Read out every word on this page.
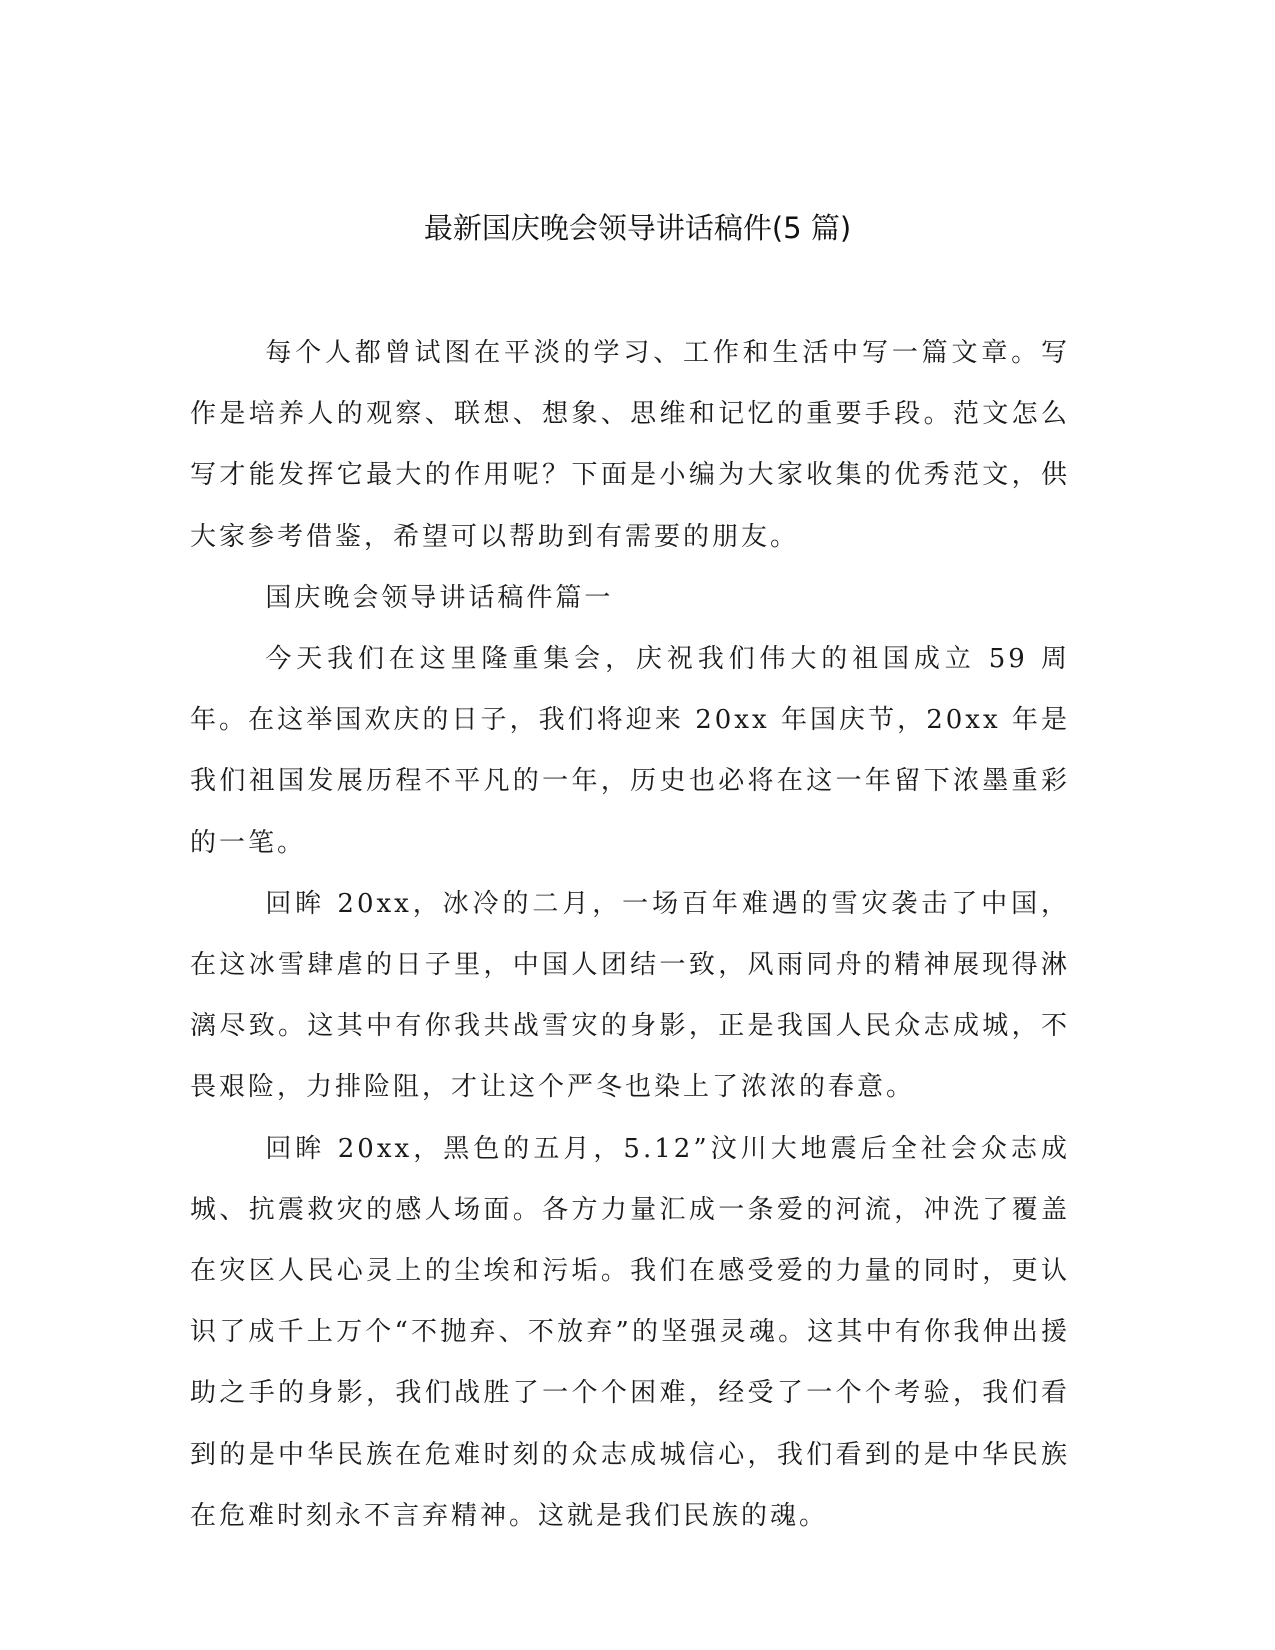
最新国庆晚会领导讲话稿件(5 篇)

每个人都曾试图在平淡的学习、工作和生活中写一篇文章。写作是培养人的观察、联想、想象、思维和记忆的重要手段。范文怎么写才能发挥它最大的作用呢？下面是小编为大家收集的优秀范文，供大家参考借鉴，希望可以帮助到有需要的朋友。

国庆晚会领导讲话稿件篇一

今天我们在这里隆重集会，庆祝我们伟大的祖国成立 59 周年。在这举国欢庆的日子，我们将迎来 20xx 年国庆节，20xx 年是我们祖国发展历程不平凡的一年，历史也必将在这一年留下浓墨重彩的一笔。

回眸 20xx，冰冷的二月，一场百年难遇的雪灾袭击了中国，在这冰雪肆虐的日子里，中国人团结一致，风雨同舟的精神展现得淋漓尽致。这其中有你我共战雪灾的身影，正是我国人民众志成城，不畏艰险，力排险阻，才让这个严冬也染上了浓浓的春意。

回眸 20xx，黑色的五月，5.12”汶川大地震后全社会众志成城、抗震救灾的感人场面。各方力量汇成一条爱的河流，冲洗了覆盖在灾区人民心灵上的尘埃和污垢。我们在感受爱的力量的同时，更认识了成千上万个“不抛弃、不放弃”的坚强灵魂。这其中有你我伸出援助之手的身影，我们战胜了一个个困难，经受了一个个考验，我们看到的是中华民族在危难时刻的众志成城信心，我们看到的是中华民族在危难时刻永不言弃精神。这就是我们民族的魂。
